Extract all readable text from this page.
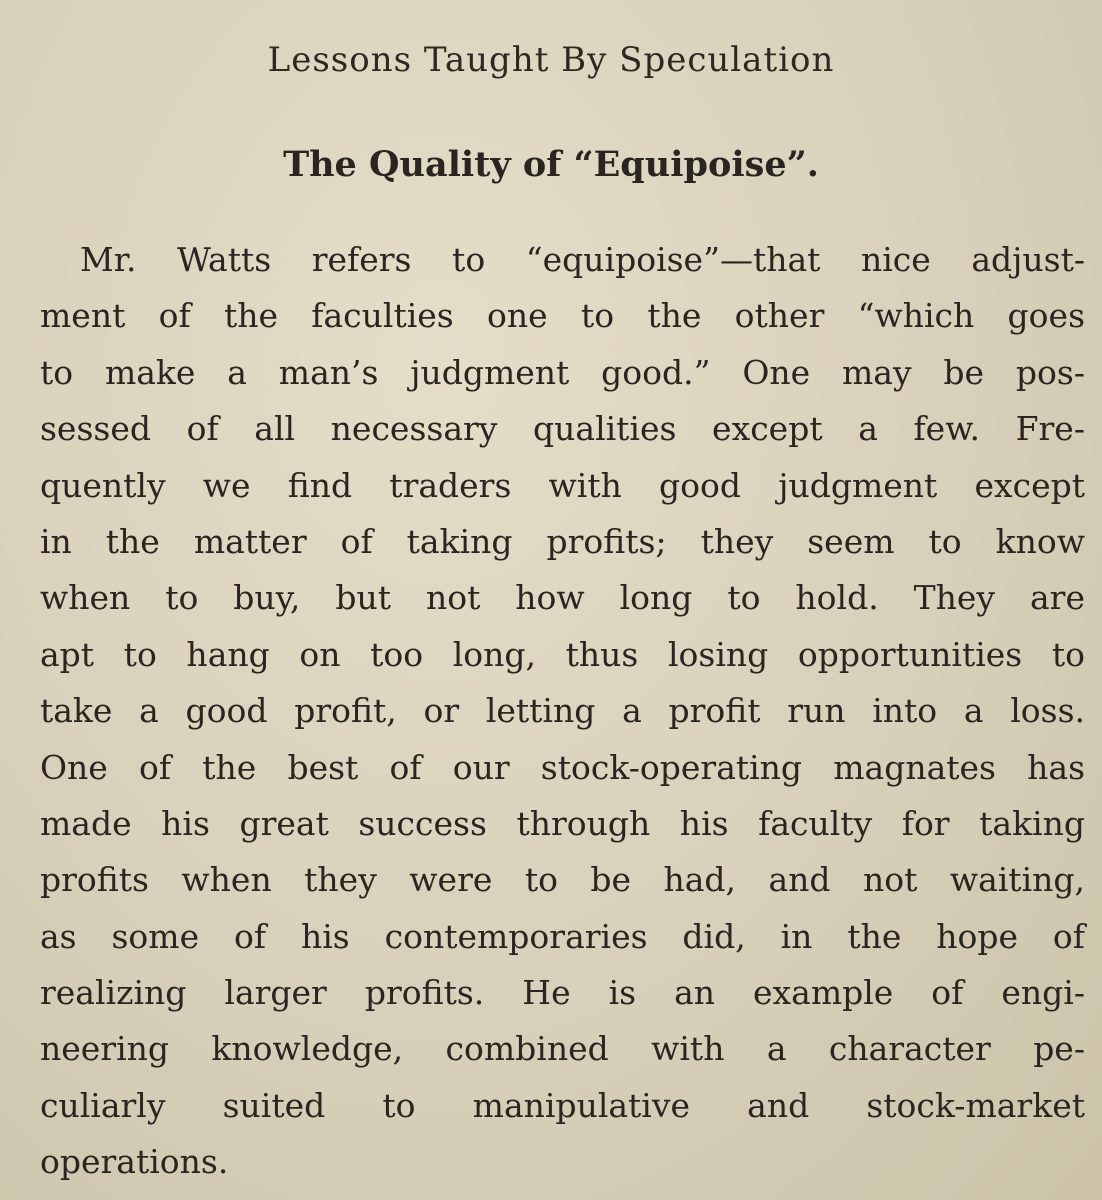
Lessons Taught By Speculation
The Quality of “Equipoise”.
Mr. Watts refers to “equipoise”—that nice adjust-
ment of the faculties one to the other “which goes
to make a man’s judgment good.” One may be pos-
sessed of all necessary qualities except a few. Fre-
quently we find traders with good judgment except
in the matter of taking profits; they seem to know
when to buy, but not how long to hold. They are
apt to hang on too long, thus losing opportunities to
take a good profit, or letting a profit run into a loss.
One of the best of our stock-operating magnates has
made his great success through his faculty for taking
profits when they were to be had, and not waiting,
as some of his contemporaries did, in the hope of
realizing larger profits. He is an example of engi-
neering knowledge, combined with a character pe-
culiarly suited to manipulative and stock-market
operations.
